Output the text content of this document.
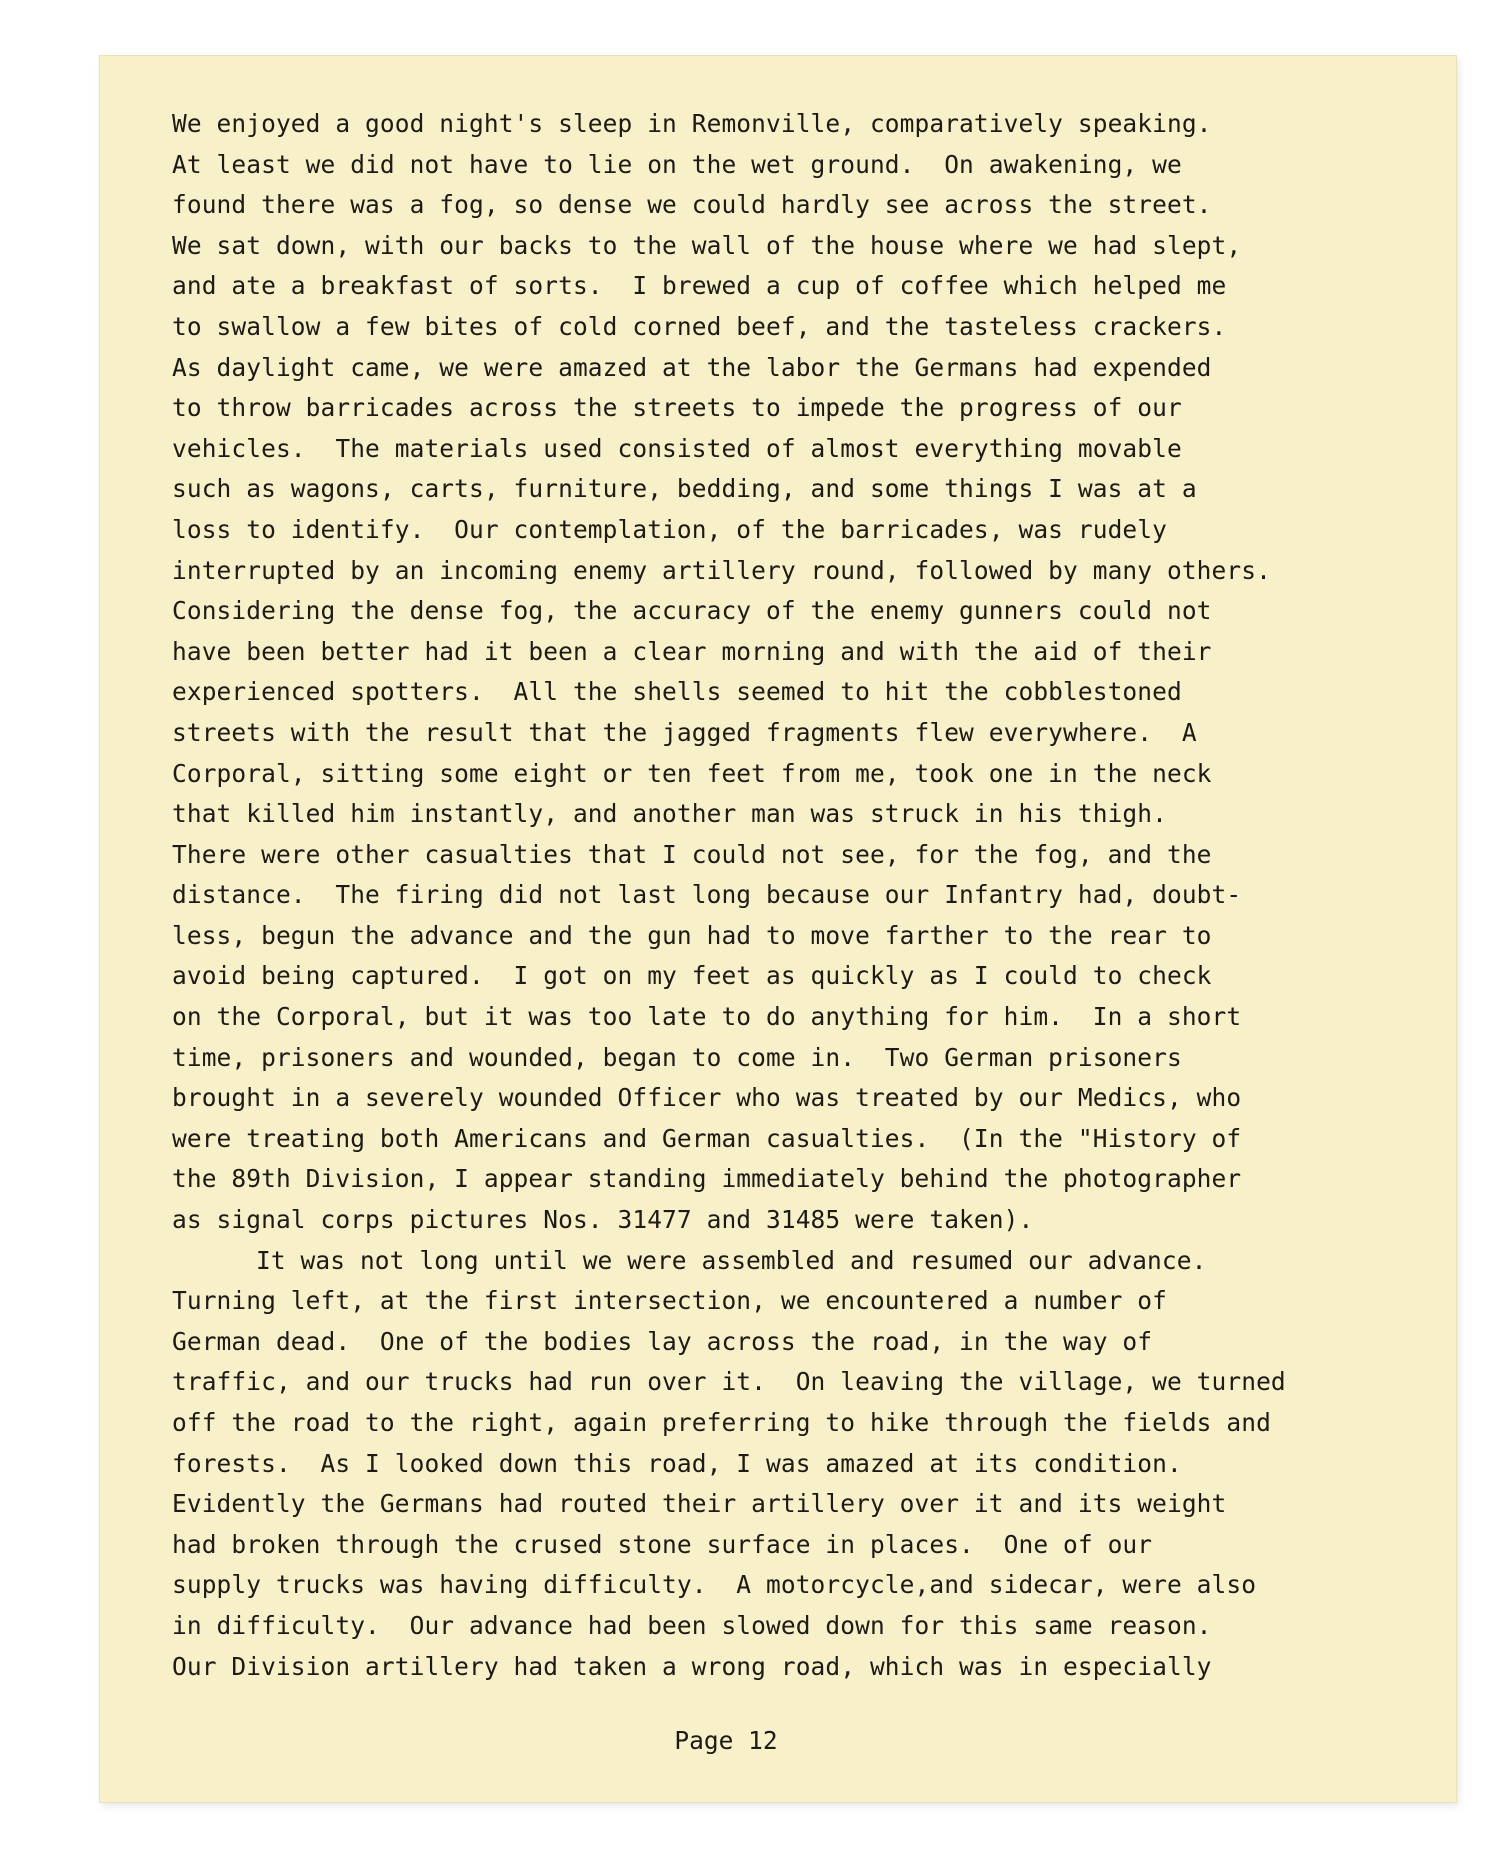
We enjoyed a good night's sleep in Remonville, comparatively speaking.
At least we did not have to lie on the wet ground.  On awakening, we
found there was a fog, so dense we could hardly see across the street.
We sat down, with our backs to the wall of the house where we had slept,
and ate a breakfast of sorts.  I brewed a cup of coffee which helped me
to swallow a few bites of cold corned beef, and the tasteless crackers.
As daylight came, we were amazed at the labor the Germans had expended
to throw barricades across the streets to impede the progress of our
vehicles.  The materials used consisted of almost everything movable
such as wagons, carts, furniture, bedding, and some things I was at a
loss to identify.  Our contemplation, of the barricades, was rudely
interrupted by an incoming enemy artillery round, followed by many others.
Considering the dense fog, the accuracy of the enemy gunners could not
have been better had it been a clear morning and with the aid of their
experienced spotters.  All the shells seemed to hit the cobblestoned
streets with the result that the jagged fragments flew everywhere.  A
Corporal, sitting some eight or ten feet from me, took one in the neck
that killed him instantly, and another man was struck in his thigh.
There were other casualties that I could not see, for the fog, and the
distance.  The firing did not last long because our Infantry had, doubt-
less, begun the advance and the gun had to move farther to the rear to
avoid being captured.  I got on my feet as quickly as I could to check
on the Corporal, but it was too late to do anything for him.  In a short
time, prisoners and wounded, began to come in.  Two German prisoners
brought in a severely wounded Officer who was treated by our Medics, who
were treating both Americans and German casualties.  (In the "History of
the 89th Division, I appear standing immediately behind the photographer
as signal corps pictures Nos. 31477 and 31485 were taken).
It was not long until we were assembled and resumed our advance.
Turning left, at the first intersection, we encountered a number of
German dead.  One of the bodies lay across the road, in the way of
traffic, and our trucks had run over it.  On leaving the village, we turned
off the road to the right, again preferring to hike through the fields and
forests.  As I looked down this road, I was amazed at its condition.
Evidently the Germans had routed their artillery over it and its weight
had broken through the crused stone surface in places.  One of our
supply trucks was having difficulty.  A motorcycle,and sidecar, were also
in difficulty.  Our advance had been slowed down for this same reason.
Our Division artillery had taken a wrong road, which was in especially
Page 12
